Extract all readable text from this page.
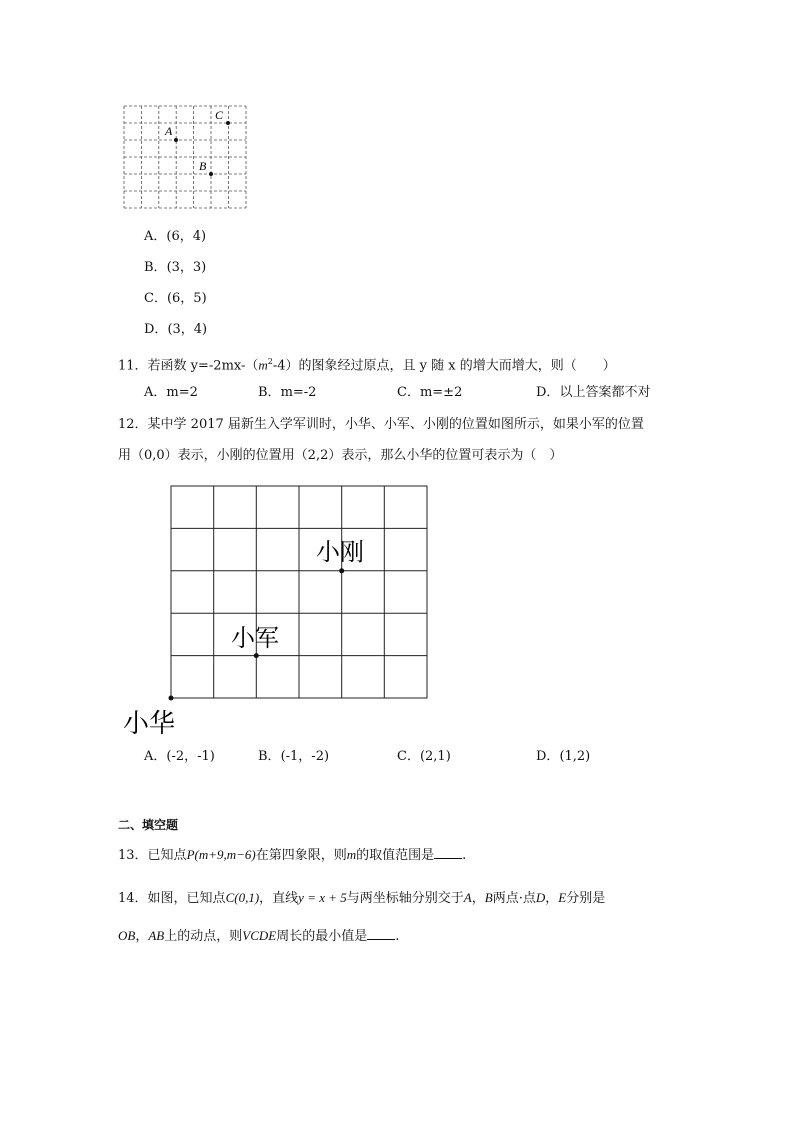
A
B
C
A．(6，4)
B．(3，3)
C．(6，5)
D．(3，4)
11．若函数 $y=-2mx-(m^2-4)$的图象经过原点，且 y 随 x 的增大而增大，则（　　）
A．m=2	B．m=-2	C．m=±2	D．以上答案都不对
12．某中学 2017 届新生入学军训时，小华、小军、小刚的位置如图所示，如果小军的位置
用（0,0）表示，小刚的位置用（2,2）表示，那么小华的位置可表示为（　）
小刚
小军
小华
A．(-2，-1)	B．(-1，-2)	C．(2,1)	D．(1,2)
二、填空题
13．已知点P(m+9,m−6)在第四象限，则m的取值范围是 .
14．如图，已知点C(0,1)，直线y = x + 5与两坐标轴分别交于A，B两点·点D，E分别是
OB，AB上的动点，则VCDE周长的最小值是 .
